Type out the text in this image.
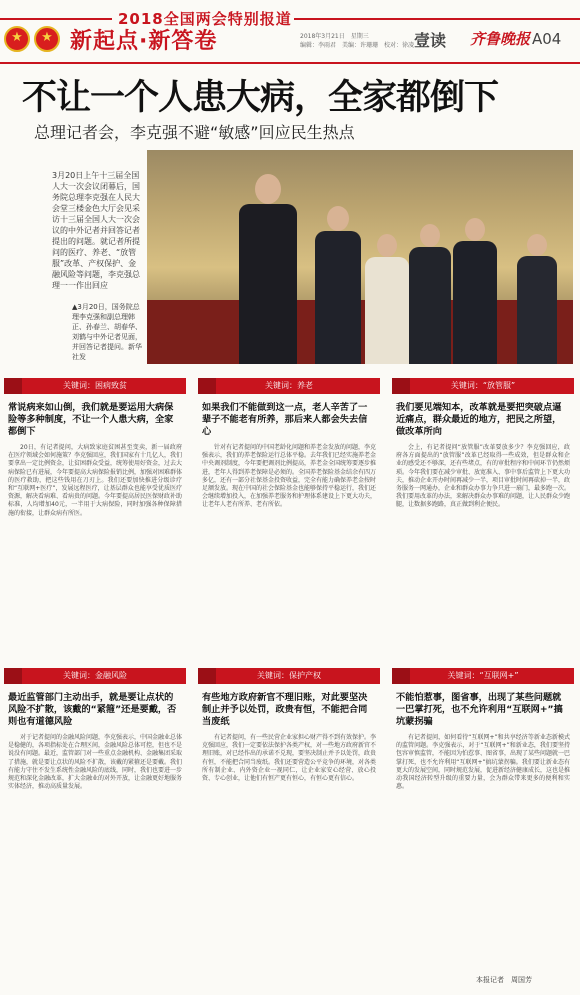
2018全国两会特别报道
★	★ 新起点·新答卷	2018年3月21日 星期三
编辑：李雨君 美编：许珊珊 校对：徐凌 壹读 齐鲁晚报 A04
不让一个人患大病，全家都倒下
总理记者会，李克强不避“敏感”回应民生热点
3月20日上午十三届全国人大一次会议闭幕后，国务院总理李克强在人民大会堂三楼金色大厅会见采访十三届全国人大一次会议的中外记者并回答记者提出的问题。就记者所提问的医疗、养老、“放管服”改革、产权保护、金融风险等问题，李克强总理一一作出回应
▲3月20日，国务院总理李克强和副总理韩正、孙春兰、胡春华、刘鹤与中外记者见面，并回答记者提问。新华社发
关键词：困病致贫
常说病来如山倒，我们就是要运用大病保险等多种制度，不让一个人患大病，全家都倒下
20日，有记者提问，大病致家庭贫困甚至变卖，新一届政府在医疗领域会如何施策？李克强回应，我们国家有十几亿人，我们要拿出一定比例资金，让贫困群众受益，统筹使用好资金，过去大病保险已有进展，今年要提高大病保险报销比例，加强对困难群体的医疗救助，把这些钱用在刀刃上。我们还要加快推进分级诊疗和“互联网+医疗”，发展远程医疗，让基层群众也能享受优质医疗资源，解决看病难、看病贵的问题。今年要提高居民医保财政补助标准，人均增加40元，一半用于大病保险，同时加强各种保障措施的衔接，让群众病有所医。
关键词：养老
如果我们不能做到这一点，老人辛苦了一辈子不能老有所养，那后来人都会失去信心
针对有记者提问的中国老龄化问题和养老金发放的问题，李克强表示，我们的养老保险运行总体平稳。去年我们已经实施养老金中央调剂制度，今年要把调剂比例提高，养老金全国统筹要逐步推进，老年人得到养老保障是必须的。全国养老保险基金结余有四万多亿，还有一部分社保基金投资收益，完全有能力确保养老金按时足额发放。现在中国的社会保险基金也能够保持平稳运行，我们还会继续增加投入，在加强养老服务和护理体系建设上下更大功夫，让老年人老有所养、老有所依。
关键词：“放管服”
我们要见端知本，改革就是要把突破点逼近痛点，群众最近的地方，把民之所望，做改革所向
会上，有记者提问“放管服”改革要放多少？李克强回应，政府各方面提出的“放管服”改革已经取得一些成效，但是群众和企业的感受还不够深，还有些堵点，有的审批程序和中间环节仍然烦琐。今年我们要在减少审批、放宽准入、事中事后监管上下更大功夫，推动企业开办时间再减少一半，项目审批时间再砍掉一半，政务服务一网通办，企业和群众办事力争只进一扇门，最多跑一次。我们要用改革的办法，来解决群众办事难的问题，让人民群众少跑腿，让数据多跑路，真正做到利企便民。
关键词：金融风险
最近监管部门主动出手，就是要让点状的风险不扩散，该戴的“紧箍”还是要戴，否则也有道德风险
对于记者提问的金融风险问题，李克强表示，中国金融业总体是稳健的，各项指标处在合理区间，金融风险总体可控，但也不是说没有问题。最近，监管部门对一些重点金融机构、金融集团采取了措施，就是要让点状的风险不扩散，该戴的紧箍还是要戴。我们有能力守住不发生系统性金融风险的底线，同时，我们也要进一步规范和深化金融改革，扩大金融业的对外开放，让金融更好地服务实体经济，推动高质量发展。
关键词：保护产权
有些地方政府新官不理旧账，对此要坚决制止并予以处罚，政贵有恒，不能把合同当废纸
有记者提问，有一些民营企业家担心财产得不到有效保护。李克强回应，我们一定要依法保护各类产权，对一些地方政府新官不理旧账，对已经作出的承诺不兑现，要坚决制止并予以处罚，政贵有恒，不能把合同当废纸。我们还要营造公平竞争的环境，对各类所有制企业、内外资企业一视同仁，让企业家安心经营、放心投资、专心创业，让他们有恒产更有恒心，有恒心更有信心。
关键词：“互联网+”
不能怕惹事，图省事，出现了某些问题就一巴掌打死，也不允许利用“互联网+”搞坑蒙拐骗
有记者提问，如何看待“互联网+”和共享经济等新业态新模式的监管问题。李克强表示，对于“互联网+”和新业态，我们要坚持包容审慎监管，不能因为怕惹事、图省事，出现了某些问题就一巴掌打死，也不允许利用“互联网+”搞坑蒙拐骗。我们要让新业态有更大的发展空间，同时规范发展，促进新经济健康成长，这也是推动我国经济转型升级的重要力量，会为群众带来更多的便利和实惠。
本报记者　周国芳
